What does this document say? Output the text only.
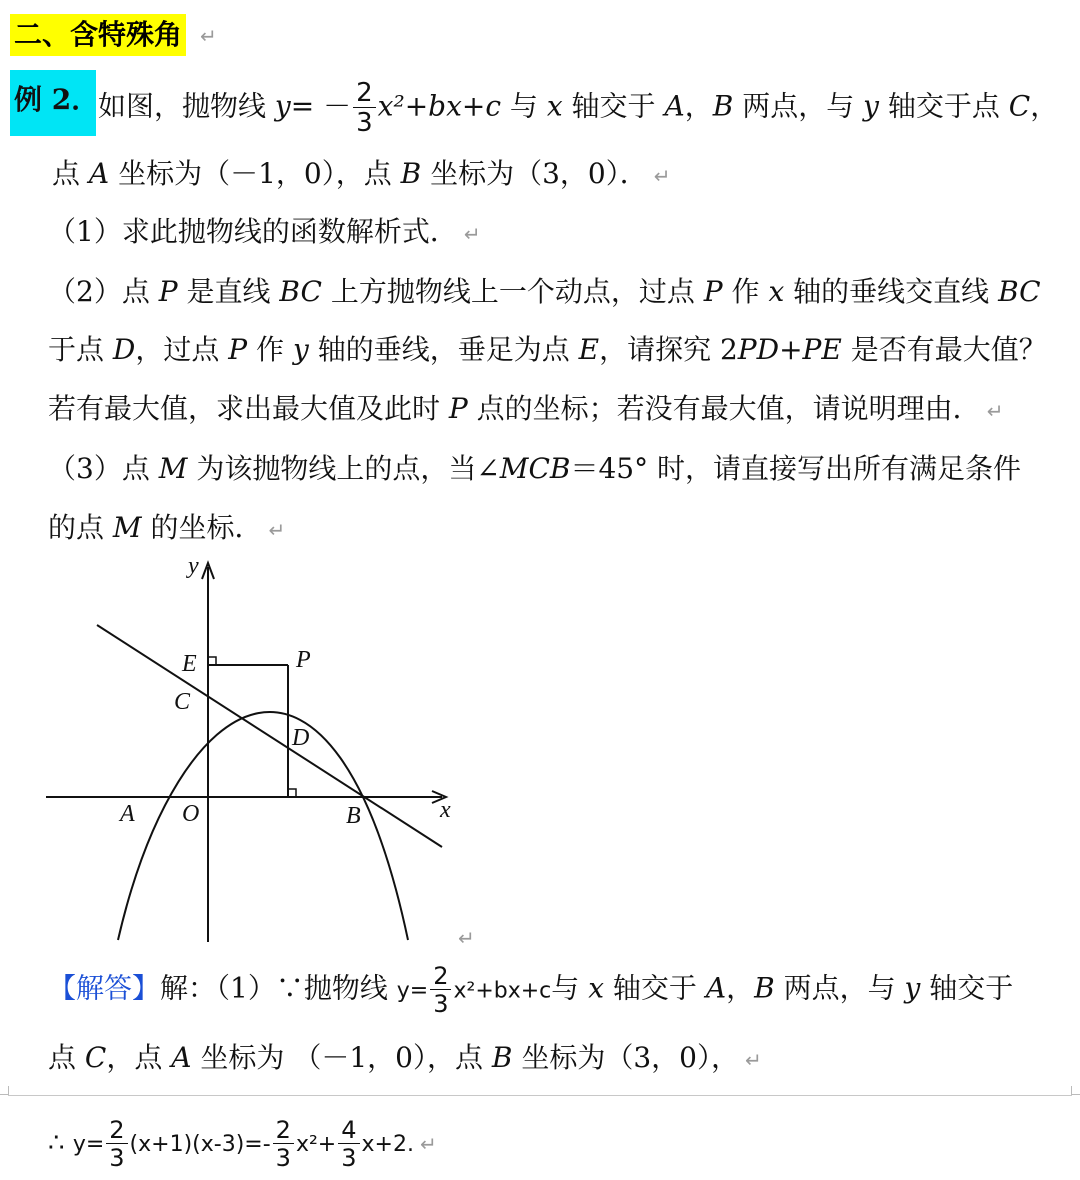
二、含特殊角 ↵
例 2．
如图，抛物线 $y= - \frac{2}{3} x^2+bx+c$ 与 x 轴交于 A，B 两点，与 y 轴交于点 C，
点 A 坐标为（－1，0），点 B 坐标为（3，0）． ↵
（1）求此抛物线的函数解析式． ↵
（2）点 P 是直线 BC 上方抛物线上一个动点，过点 P 作 x 轴的垂线交直线 BC
于点 D，过点 P 作 y 轴的垂线，垂足为点 E，请探究 2PD+PE 是否有最大值？
若有最大值，求出最大值及此时 P 点的坐标；若没有最大值，请说明理由． ↵
（3）点 M 为该抛物线上的点，当∠MCB＝45° 时，请直接写出所有满足条件
的点 M 的坐标． ↵
y
x
E	P
C
D
A O	B
↵
【解答】解：（1）∵抛物线 $y= \frac{2}{3} x^2+bx+c$与 x 轴交于 A，B 两点，与 y 轴交于
点 C，点 A 坐标为 （－1，0），点 B 坐标为（3，0）， ↵
∴ $y= \frac{2}{3} (x+1)(x-3)=- \frac{2}{3} x^2+ \frac{4}{3} x+2$. ↵
